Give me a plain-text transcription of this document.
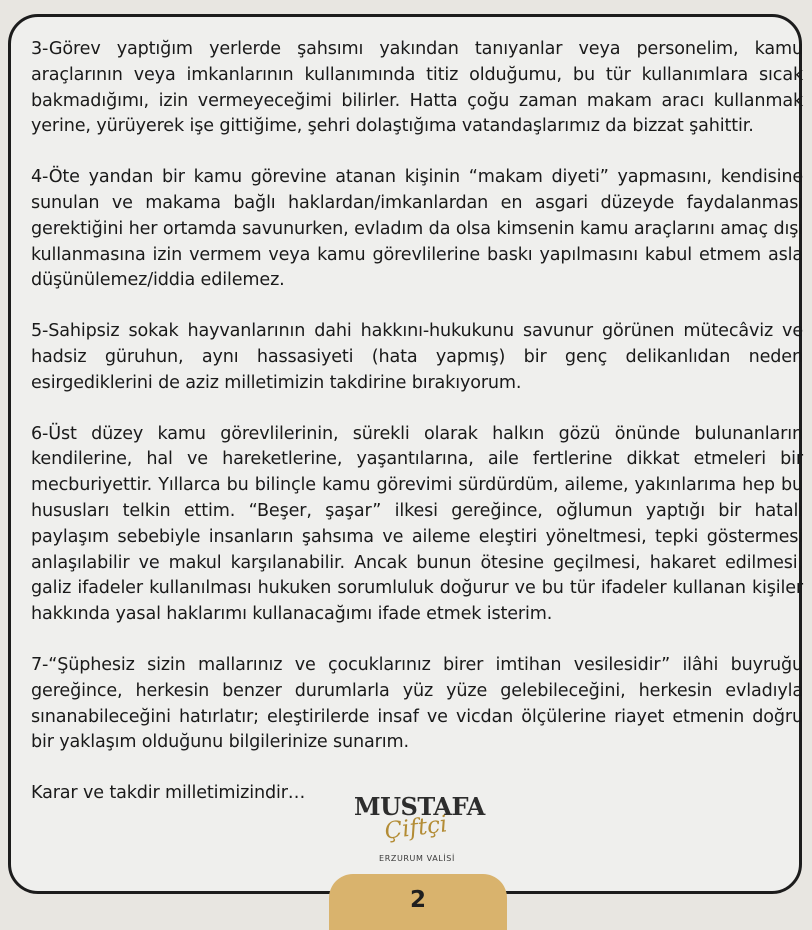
3-Görev yaptığım yerlerde şahsımı yakından tanıyanlar veya personelim, kamu araçlarının veya imkanlarının kullanımında titiz olduğumu, bu tür kullanımlara sıcak bakmadığımı, izin vermeyeceğimi bilirler. Hatta çoğu zaman makam aracı kullanmak yerine, yürüyerek işe gittiğime, şehri dolaştığıma vatandaşlarımız da bizzat şahittir.

4-Öte yandan bir kamu görevine atanan kişinin “makam diyeti” yapmasını, kendisine sunulan ve makama bağlı haklardan/imkanlardan en asgari düzeyde faydalanması gerektiğini her ortamda savunurken, evladım da olsa kimsenin kamu araçlarını amaç dışı kullanmasına izin vermem veya kamu görevlilerine baskı yapılmasını kabul etmem asla düşünülemez/iddia edilemez.

5-Sahipsiz sokak hayvanlarının dahi hakkını-hukukunu savunur görünen mütecâviz ve hadsiz güruhun, aynı hassasiyeti (hata yapmış) bir genç delikanlıdan neden esirgediklerini de aziz milletimizin takdirine bırakıyorum.

6-Üst düzey kamu görevlilerinin, sürekli olarak halkın gözü önünde bulunanların kendilerine, hal ve hareketlerine, yaşantılarına, aile fertlerine dikkat etmeleri bir mecburiyettir. Yıllarca bu bilinçle kamu görevimi sürdürdüm, aileme, yakınlarıma hep bu hususları telkin ettim. “Beşer, şaşar” ilkesi gereğince, oğlumun yaptığı bir hatalı paylaşım sebebiyle insanların şahsıma ve aileme eleştiri yöneltmesi, tepki göstermesi anlaşılabilir ve makul karşılanabilir. Ancak bunun ötesine geçilmesi, hakaret edilmesi, galiz ifadeler kullanılması hukuken sorumluluk doğurur ve bu tür ifadeler kullanan kişiler hakkında yasal haklarımı kullanacağımı ifade etmek isterim.

7-“Şüphesiz sizin mallarınız ve çocuklarınız birer imtihan vesilesidir” ilâhi buyruğu gereğince, herkesin benzer durumlarla yüz yüze gelebileceğini, herkesin evladıyla sınanabileceğini hatırlatır; eleştirilerde insaf ve vicdan ölçülerine riayet etmenin doğru bir yaklaşım olduğunu bilgilerinize sunarım.

Karar ve takdir milletimizindir…	MUSTAFA
Çiftçi
ERZURUM VALİSİ
2
